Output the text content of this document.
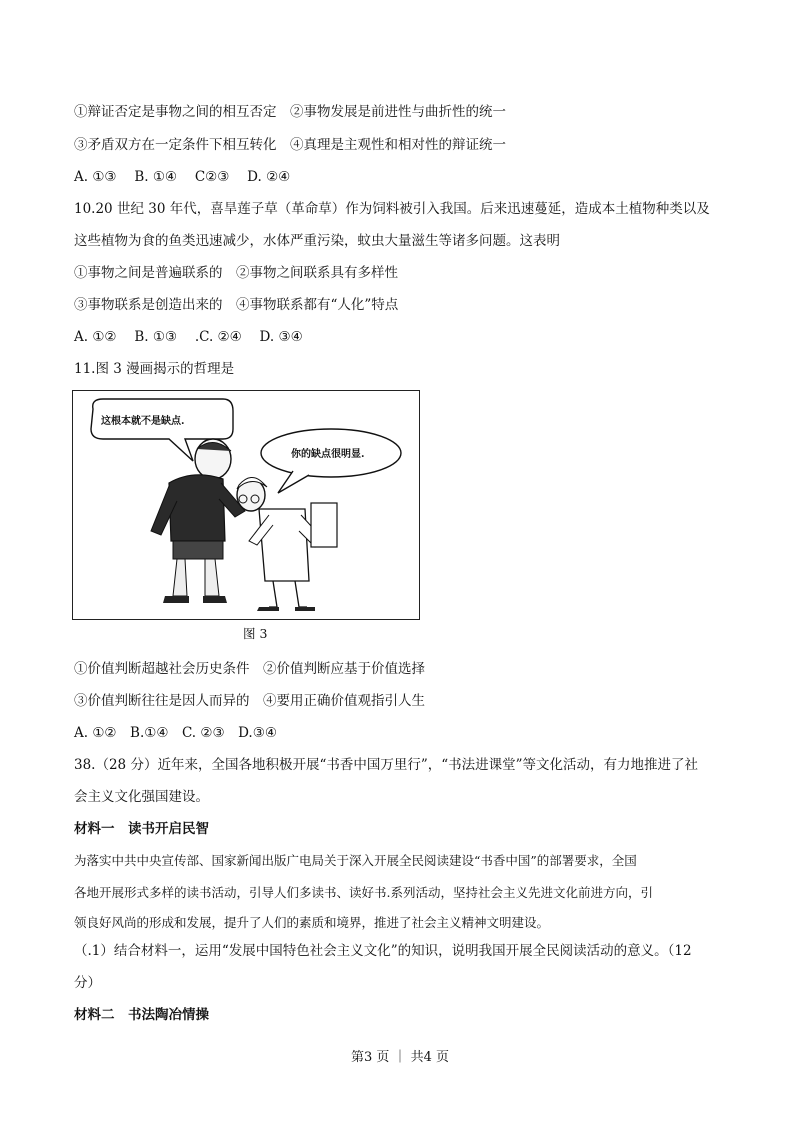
①辩证否定是事物之间的相互否定　②事物发展是前进性与曲折性的统一
③矛盾双方在一定条件下相互转化　④真理是主观性和相对性的辩证统一
A. ①③　 B. ①④　 C②③　 D. ②④
10.20 世纪 30 年代，喜旱莲子草（革命草）作为饲料被引入我国。后来迅速蔓延，造成本土植物种类以及
这些植物为食的鱼类迅速减少，水体严重污染，蚊虫大量滋生等诸多问题。这表明
①事物之间是普遍联系的　②事物之间联系具有多样性
③事物联系是创造出来的　④事物联系都有“人化”特点
A. ①②　 B. ①③　 .C. ②④　 D. ③④
11.图 3 漫画揭示的哲理是
这根本就不是缺点.
你的缺点很明显.
图 3
①价值判断超越社会历史条件　②价值判断应基于价值选择
③价值判断往往是因人而异的　④要用正确价值观指引人生
A. ①②　B.①④　C. ②③　D.③④
38.（28 分）近年来，全国各地积极开展“书香中国万里行”，“书法进课堂”等文化活动，有力地推进了社
会主义文化强国建设。
材料一　读书开启民智
为落实中共中央宣传部、国家新闻出版广电局关于深入开展全民阅读建设“书香中国”的部署要求，全国
各地开展形式多样的读书活动，引导人们多读书、读好书.系列活动，坚持社会主义先进文化前进方向，引
领良好风尚的形成和发展，提升了人们的素质和境界，推进了社会主义精神文明建设。
（.1）结合材料一，运用“发展中国特色社会主义文化”的知识，说明我国开展全民阅读活动的意义。（12
分）
材料二　书法陶冶情操
第3 页 ｜ 共4 页
